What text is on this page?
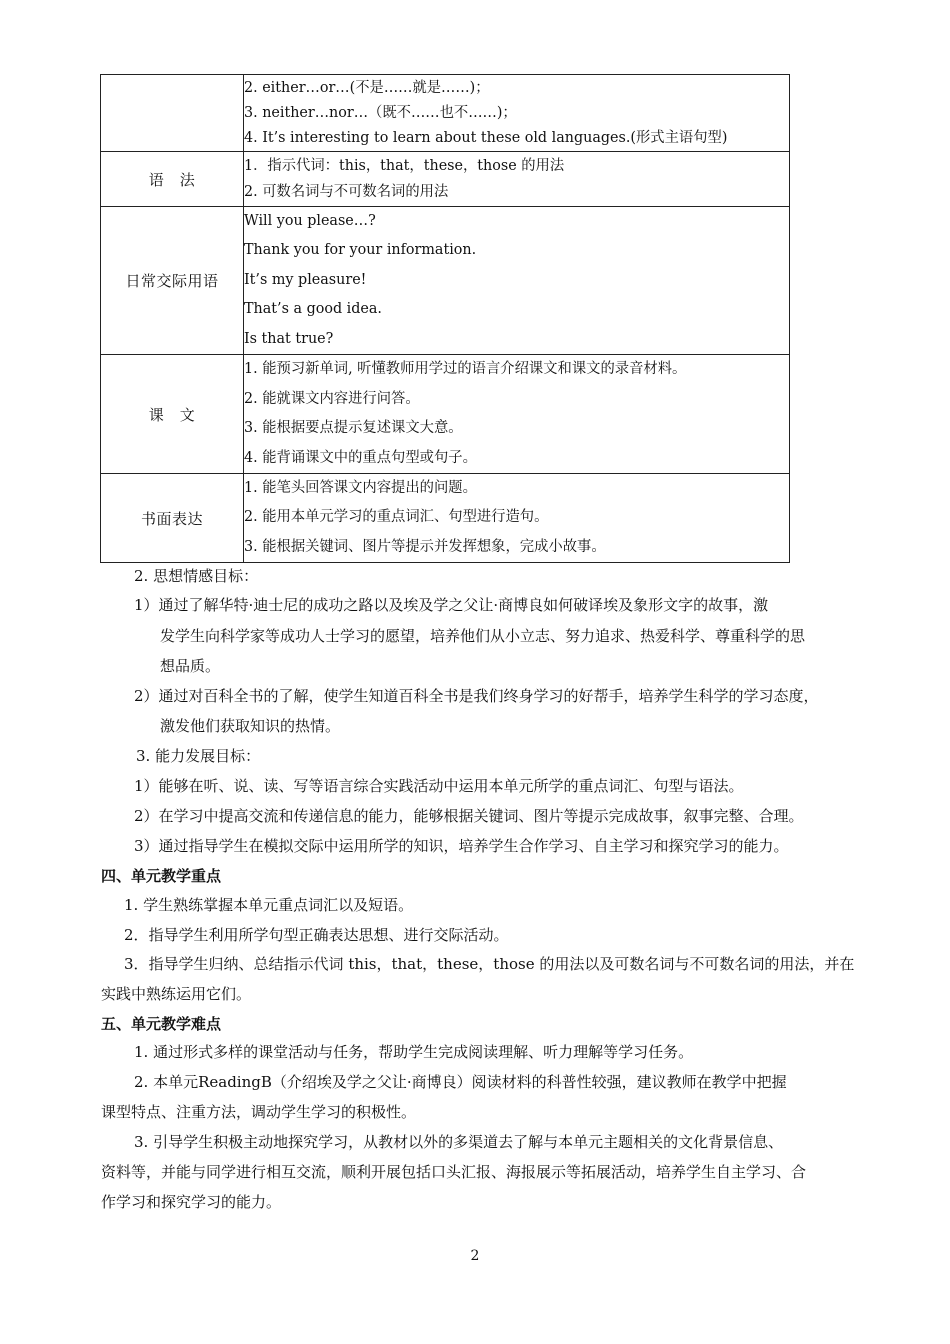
	2. either…or…(不是……就是……)；
3. neither…nor…（既不……也不……)；
4. It’s interesting to learn about these old languages.(形式主语句型)

语　法	1．指示代词：this，that，these，those 的用法
2. 可数名词与不可数名词的用法

日常交际用语	Will you please…?
Thank you for your information.
It’s my pleasure!
That’s a good idea.
Is that true?

课　文	1. 能预习新单词, 听懂教师用学过的语言介绍课文和课文的录音材料。
2. 能就课文内容进行问答。
3. 能根据要点提示复述课文大意。
4. 能背诵课文中的重点句型或句子。

书面表达	1. 能笔头回答课文内容提出的问题。
2. 能用本单元学习的重点词汇、句型进行造句。
3. 能根据关键词、图片等提示并发挥想象，完成小故事。
2. 思想情感目标：
1）通过了解华特·迪士尼的成功之路以及埃及学之父让·商博良如何破译埃及象形文字的故事，激
发学生向科学家等成功人士学习的愿望，培养他们从小立志、努力追求、热爱科学、尊重科学的思
想品质。
2）通过对百科全书的了解，使学生知道百科全书是我们终身学习的好帮手，培养学生科学的学习态度，
激发他们获取知识的热情。
3. 能力发展目标：
1）能够在听、说、读、写等语言综合实践活动中运用本单元所学的重点词汇、句型与语法。
2）在学习中提高交流和传递信息的能力，能够根据关键词、图片等提示完成故事，叙事完整、合理。
3）通过指导学生在模拟交际中运用所学的知识，培养学生合作学习、自主学习和探究学习的能力。
四、单元教学重点
1. 学生熟练掌握本单元重点词汇以及短语。
2．指导学生利用所学句型正确表达思想、进行交际活动。
3．指导学生归纳、总结指示代词 this，that，these，those 的用法以及可数名词与不可数名词的用法，并在
实践中熟练运用它们。
五、单元教学难点
1. 通过形式多样的课堂活动与任务，帮助学生完成阅读理解、听力理解等学习任务。
2. 本单元ReadingB（介绍埃及学之父让·商博良）阅读材料的科普性较强，建议教师在教学中把握
课型特点、注重方法，调动学生学习的积极性。
3. 引导学生积极主动地探究学习，从教材以外的多渠道去了解与本单元主题相关的文化背景信息、
资料等，并能与同学进行相互交流，顺利开展包括口头汇报、海报展示等拓展活动，培养学生自主学习、合
作学习和探究学习的能力。
2
